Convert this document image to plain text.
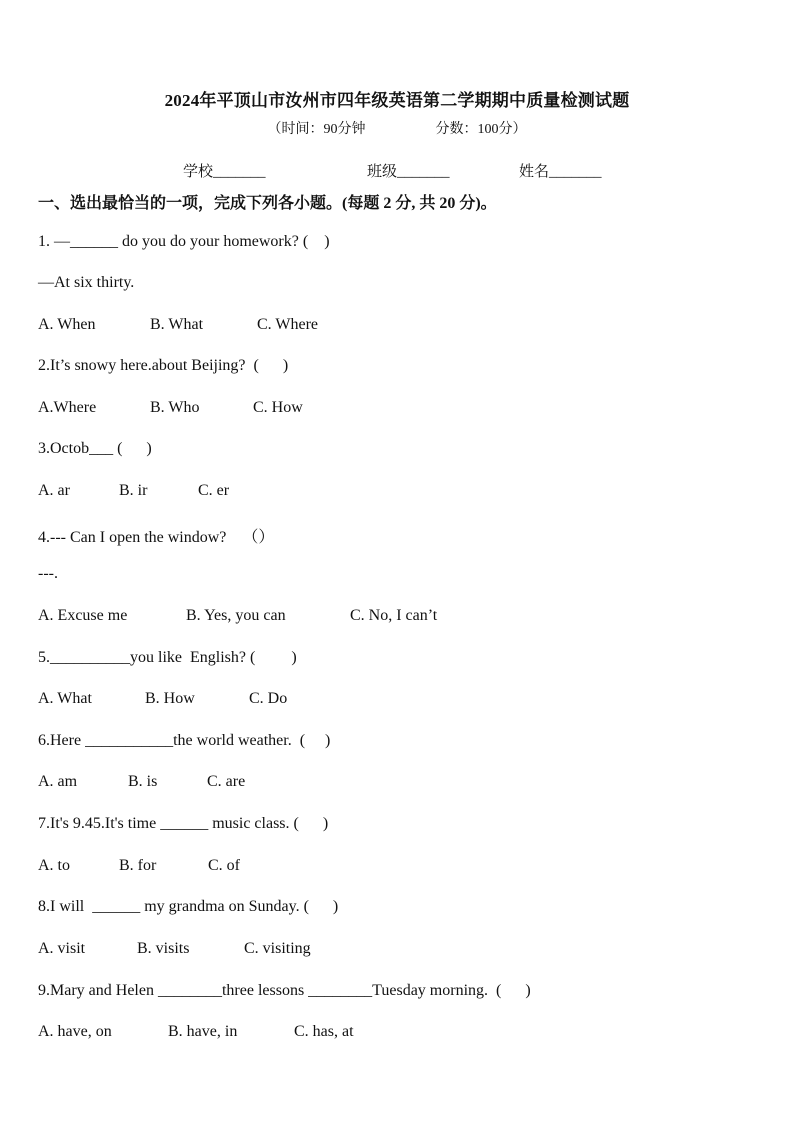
2024年平顶山市汝州市四年级英语第二学期期中质量检测试题
（时间：90分钟                    分数：100分）
学校_______	班级_______	姓名_______
一、选出最恰当的一项，完成下列各小题。(每题 2 分, 共 20 分)。
1. —______ do you do your homework? (    )
—At six thirty.
A. When	B. What	C. Where
2.It’s snowy here.about Beijing?  (      )
A.Where	B. Who	C. How
3.Octob___ (      )
A. ar	B. ir	C. er
4.--- Can I open the window?    （）
---.
A. Excuse me	B. Yes, you can	C. No, I can’t
5.__________you like  English? (         )
A. What	B. How	C. Do
6.Here ___________the world weather.  (     )
A. am	B. is	C. are
7.It's 9.45.It's time ______ music class. (      )
A. to	B. for	C. of
8.I will  ______ my grandma on Sunday. (      )
A. visit	B. visits	C. visiting
9.Mary and Helen ________three lessons ________Tuesday morning.  (      )
A. have, on	B. have, in	C. has, at
